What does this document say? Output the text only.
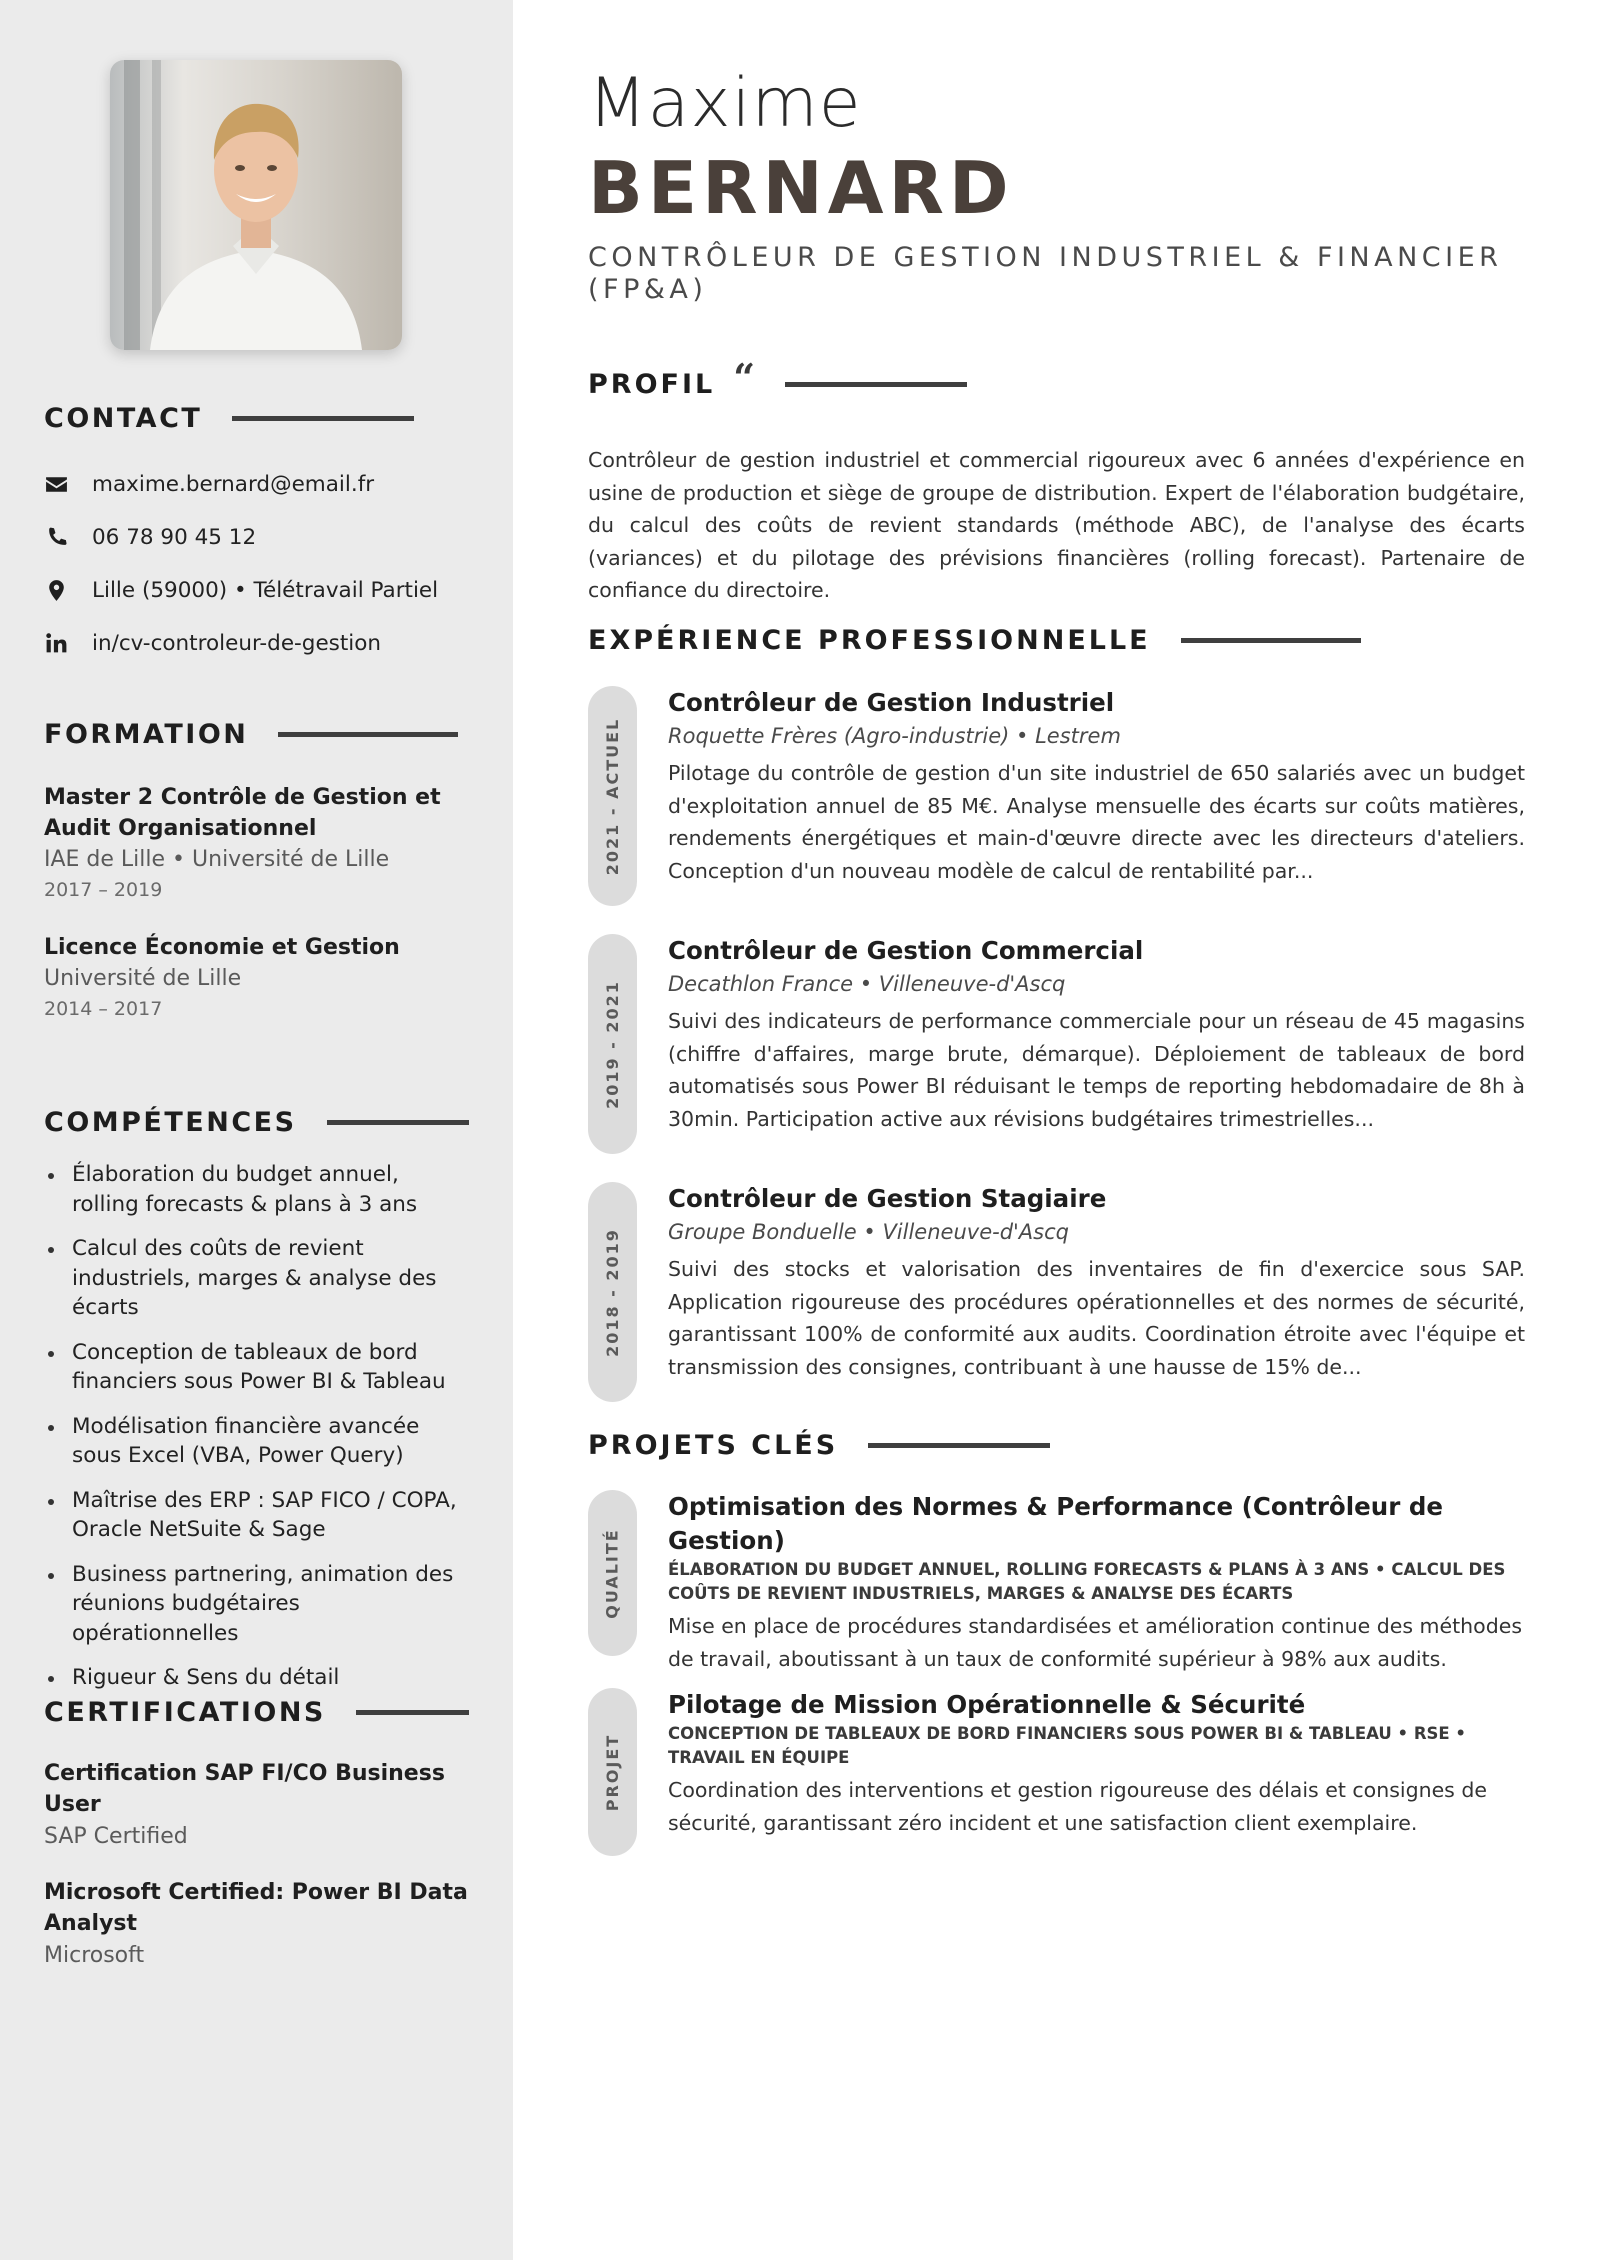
CONTACT
maxime.bernard@email.fr
06 78 90 45 12
Lille (59000) • Télétravail Partiel
in/cv-controleur-de-gestion
FORMATION
Master 2 Contrôle de Gestion et Audit Organisationnel
IAE de Lille • Université de Lille
2017 – 2019
Licence Économie et Gestion
Université de Lille
2014 – 2017
COMPÉTENCES
Élaboration du budget annuel, rolling forecasts & plans à 3 ans
Calcul des coûts de revient industriels, marges & analyse des écarts
Conception de tableaux de bord financiers sous Power BI & Tableau
Modélisation financière avancée sous Excel (VBA, Power Query)
Maîtrise des ERP : SAP FICO / COPA, Oracle NetSuite & Sage
Business partnering, animation des réunions budgétaires opérationnelles
Rigueur & Sens du détail
CERTIFICATIONS
Certification SAP FI/CO Business User
SAP Certified
Microsoft Certified: Power BI Data Analyst
Microsoft
Maxime
BERNARD
CONTRÔLEUR DE GESTION INDUSTRIEL & FINANCIER (FP&A)
PROFIL “

Contrôleur de gestion industriel et commercial rigoureux avec 6 années d'expérience en usine de production et siège de groupe de distribution. Expert de l'élaboration budgétaire, du calcul des coûts de revient standards (méthode ABC), de l'analyse des écarts (variances) et du pilotage des prévisions financières (rolling forecast). Partenaire de confiance du directoire.

EXPÉRIENCE PROFESSIONNELLE
2021 - ACTUEL
Contrôleur de Gestion Industriel
Roquette Frères (Agro-industrie) • Lestrem
Pilotage du contrôle de gestion d'un site industriel de 650 salariés avec un budget d'exploitation annuel de 85 M€. Analyse mensuelle des écarts sur coûts matières, rendements énergétiques et main-d'œuvre directe avec les directeurs d'ateliers. Conception d'un nouveau modèle de calcul de rentabilité par...
2019 - 2021
Contrôleur de Gestion Commercial
Decathlon France • Villeneuve-d'Ascq
Suivi des indicateurs de performance commerciale pour un réseau de 45 magasins (chiffre d'affaires, marge brute, démarque). Déploiement de tableaux de bord automatisés sous Power BI réduisant le temps de reporting hebdomadaire de 8h à 30min. Participation active aux révisions budgétaires trimestrielles...
2018 - 2019
Contrôleur de Gestion Stagiaire
Groupe Bonduelle • Villeneuve-d'Ascq
Suivi des stocks et valorisation des inventaires de fin d'exercice sous SAP. Application rigoureuse des procédures opérationnelles et des normes de sécurité, garantissant 100% de conformité aux audits. Coordination étroite avec l'équipe et transmission des consignes, contribuant à une hausse de 15% de...
PROJETS CLÉS
QUALITÉ
Optimisation des Normes & Performance (Contrôleur de Gestion)
ÉLABORATION DU BUDGET ANNUEL, ROLLING FORECASTS & PLANS À 3 ANS • CALCUL DES COÛTS DE REVIENT INDUSTRIELS, MARGES & ANALYSE DES ÉCARTS
Mise en place de procédures standardisées et amélioration continue des méthodes de travail, aboutissant à un taux de conformité supérieur à 98% aux audits.
PROJET
Pilotage de Mission Opérationnelle & Sécurité
CONCEPTION DE TABLEAUX DE BORD FINANCIERS SOUS POWER BI & TABLEAU • RSE • TRAVAIL EN ÉQUIPE
Coordination des interventions et gestion rigoureuse des délais et consignes de sécurité, garantissant zéro incident et une satisfaction client exemplaire.
